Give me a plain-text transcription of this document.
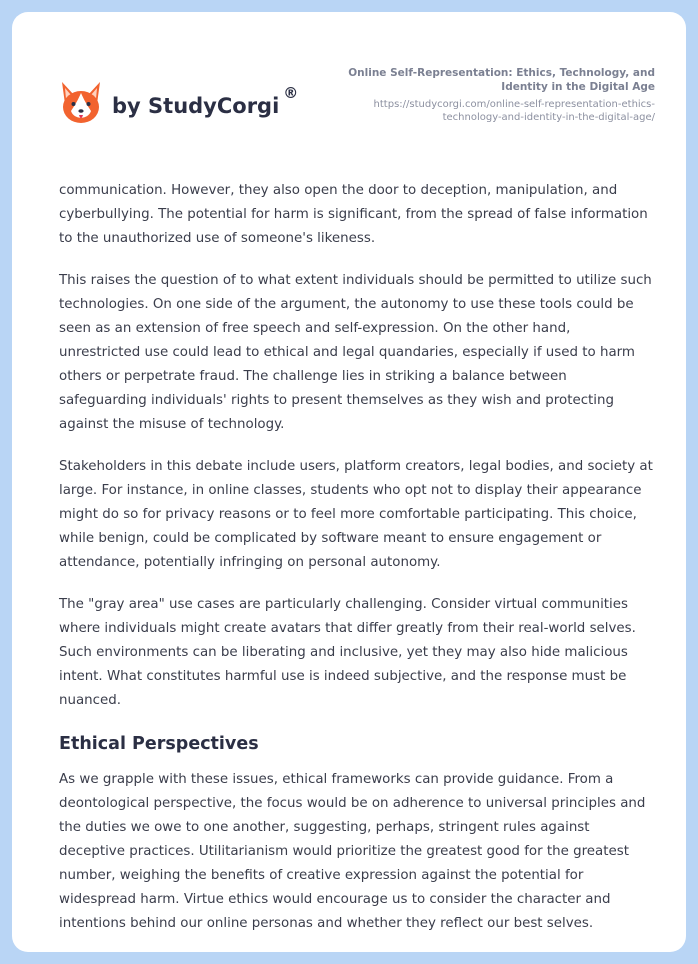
by StudyCorgi
®
Online Self-Representation: Ethics, Technology, and Identity in the Digital Age
https://studycorgi.com/online-self-representation-ethics-technology-and-identity-in-the-digital-age/

communication. However, they also open the door to deception, manipulation, and cyberbullying. The potential for harm is significant, from the spread of false information to the unauthorized use of someone's likeness.

This raises the question of to what extent individuals should be permitted to utilize such technologies. On one side of the argument, the autonomy to use these tools could be seen as an extension of free speech and self-expression. On the other hand, unrestricted use could lead to ethical and legal quandaries, especially if used to harm others or perpetrate fraud. The challenge lies in striking a balance between safeguarding individuals' rights to present themselves as they wish and protecting against the misuse of technology.

Stakeholders in this debate include users, platform creators, legal bodies, and society at large. For instance, in online classes, students who opt not to display their appearance might do so for privacy reasons or to feel more comfortable participating. This choice, while benign, could be complicated by software meant to ensure engagement or attendance, potentially infringing on personal autonomy.

The "gray area" use cases are particularly challenging. Consider virtual communities where individuals might create avatars that differ greatly from their real-world selves. Such environments can be liberating and inclusive, yet they may also hide malicious intent. What constitutes harmful use is indeed subjective, and the response must be nuanced.

Ethical Perspectives

As we grapple with these issues, ethical frameworks can provide guidance. From a deontological perspective, the focus would be on adherence to universal principles and the duties we owe to one another, suggesting, perhaps, stringent rules against deceptive practices. Utilitarianism would prioritize the greatest good for the greatest number, weighing the benefits of creative expression against the potential for widespread harm. Virtue ethics would encourage us to consider the character and intentions behind our online personas and whether they reflect our best selves.
